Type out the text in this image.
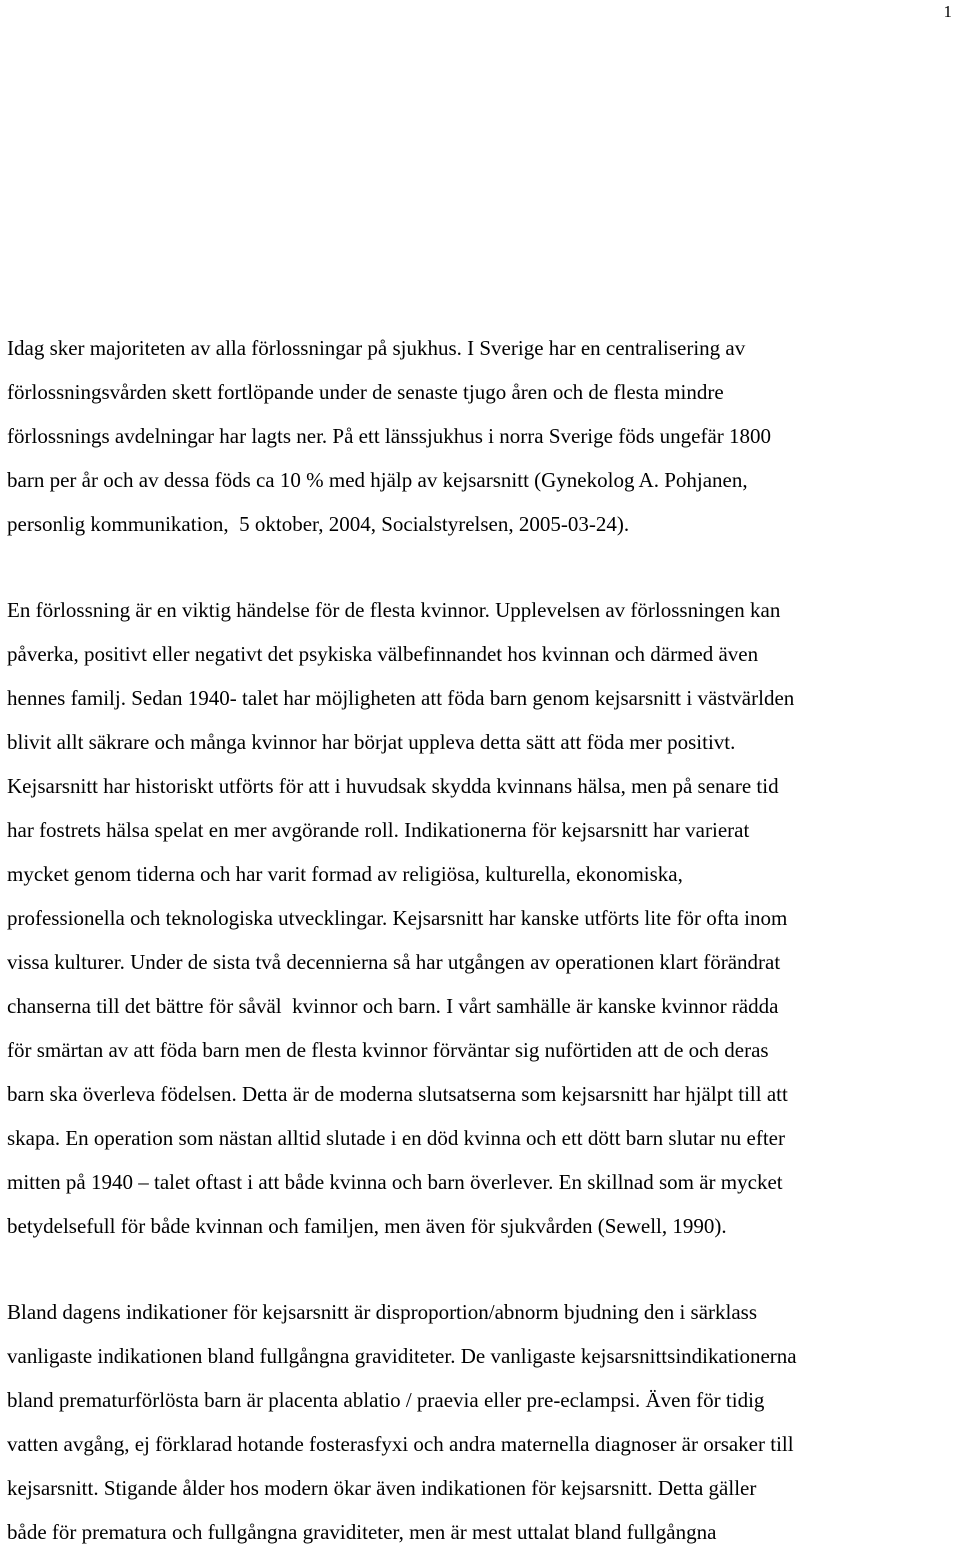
1

Idag sker majoriteten av alla förlossningar på sjukhus. I Sverige har en centralisering av
förlossningsvården skett fortlöpande under de senaste tjugo åren och de flesta mindre
förlossnings avdelningar har lagts ner. På ett länssjukhus i norra Sverige föds ungefär 1800
barn per år och av dessa föds ca 10 % med hjälp av kejsarsnitt (Gynekolog A. Pohjanen,
personlig kommunikation,  5 oktober, 2004, Socialstyrelsen, 2005-03-24).

En förlossning är en viktig händelse för de flesta kvinnor. Upplevelsen av förlossningen kan
påverka, positivt eller negativt det psykiska välbefinnandet hos kvinnan och därmed även
hennes familj. Sedan 1940- talet har möjligheten att föda barn genom kejsarsnitt i västvärlden
blivit allt säkrare och många kvinnor har börjat uppleva detta sätt att föda mer positivt.
Kejsarsnitt har historiskt utförts för att i huvudsak skydda kvinnans hälsa, men på senare tid
har fostrets hälsa spelat en mer avgörande roll. Indikationerna för kejsarsnitt har varierat
mycket genom tiderna och har varit formad av religiösa, kulturella, ekonomiska,
professionella och teknologiska utvecklingar. Kejsarsnitt har kanske utförts lite för ofta inom
vissa kulturer. Under de sista två decennierna så har utgången av operationen klart förändrat
chanserna till det bättre för såväl  kvinnor och barn. I vårt samhälle är kanske kvinnor rädda
för smärtan av att föda barn men de flesta kvinnor förväntar sig nuförtiden att de och deras
barn ska överleva födelsen. Detta är de moderna slutsatserna som kejsarsnitt har hjälpt till att
skapa. En operation som nästan alltid slutade i en död kvinna och ett dött barn slutar nu efter
mitten på 1940 – talet oftast i att både kvinna och barn överlever. En skillnad som är mycket
betydelsefull för både kvinnan och familjen, men även för sjukvården (Sewell, 1990).

Bland dagens indikationer för kejsarsnitt är disproportion/abnorm bjudning den i särklass
vanligaste indikationen bland fullgångna graviditeter. De vanligaste kejsarsnittsindikationerna
bland prematurförlösta barn är placenta ablatio / praevia eller pre-eclampsi. Även för tidig
vatten avgång, ej förklarad hotande fosterasfyxi och andra maternella diagnoser är orsaker till
kejsarsnitt. Stigande ålder hos modern ökar även indikationen för kejsarsnitt. Detta gäller
både för prematura och fullgångna graviditeter, men är mest uttalat bland fullgångna
